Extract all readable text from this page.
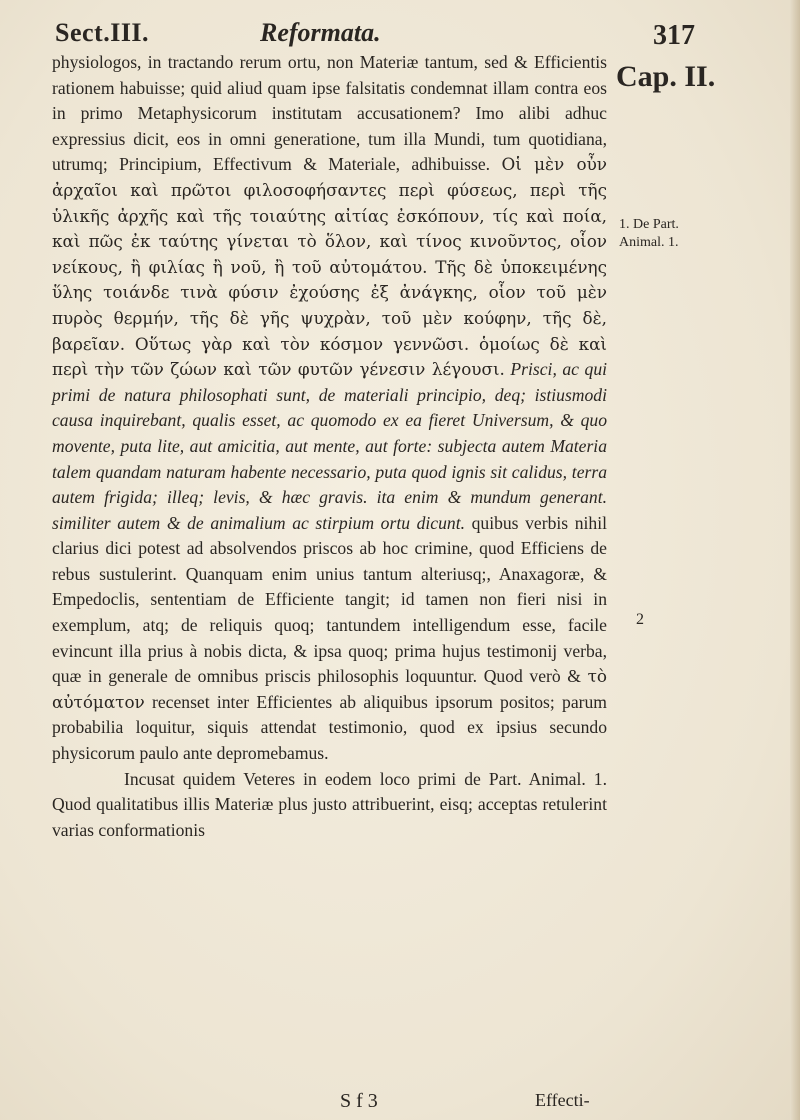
Sect.III.	Reformata.	317
Cap. II.
1. De Part. Animal. 1.
2

physiologos, in tractando rerum ortu, non Materiæ tantum, sed & Efficientis rationem habuisse; quid aliud quam ipse falsitatis condemnat illam contra eos in primo Metaphysicorum institutam accusationem? Imo alibi adhuc expressius dicit, eos in omni generatione, tum illa Mundi, tum quotidiana, utrumq; Principium, Effectivum & Materiale, adhibuisse. Οἱ μὲν οὖν ἀρχαῖοι καὶ πρῶτοι φιλοσοφήσαντες περὶ φύσεως, περὶ τῆς ὑλικῆς ἀρχῆς καὶ τῆς τοιαύτης αἰτίας ἐσκόπουν, τίς καὶ ποία, καὶ πῶς ἐκ ταύτης γίνεται τὸ ὅλον, καὶ τίνος κινοῦντος, οἷον νείκους, ἢ φιλίας ἢ νοῦ, ἢ τοῦ αὐτομάτου. Τῆς δὲ ὑποκειμένης ὕλης τοιάνδε τινὰ φύσιν ἐχούσης ἐξ ἀνάγκης, οἷον τοῦ μὲν πυρὸς θερμήν, τῆς δὲ γῆς ψυχρὰν, τοῦ μὲν κούφην, τῆς δὲ, βαρεῖαν. Οὕτως γὰρ καὶ τὸν κόσμον γεννῶσι. ὁμοίως δὲ καὶ περὶ τὴν τῶν ζώων καὶ τῶν φυτῶν γένεσιν λέγουσι. Prisci, ac qui primi de natura philosophati sunt, de materiali principio, deq; istiusmodi causa inquirebant, qualis esset, ac quomodo ex ea fieret Universum, & quo movente, puta lite, aut amicitia, aut mente, aut forte: subjecta autem Materia talem quandam naturam habente necessario, puta quod ignis sit calidus, terra autem frigida; illeq; levis, & hæc gravis. ita enim & mundum generant. similiter autem & de animalium ac stirpium ortu dicunt. quibus verbis nihil clarius dici potest ad absolvendos priscos ab hoc crimine, quod Efficiens de rebus sustulerint. Quanquam enim unius tantum alteriusq;, Anaxagoræ, & Empedoclis, sententiam de Efficiente tangit; id tamen non fieri nisi in exemplum, atq; de reliquis quoq; tantundem intelligendum esse, facile evincunt illa prius à nobis dicta, & ipsa quoq; prima hujus testimonij verba, quæ in generale de omnibus priscis philosophis loquuntur. Quod verò & τὸ αὐτόματον recenset inter Efficientes ab aliquibus ipsorum positos; parum probabilia loquitur, siquis attendat testimonio, quod ex ipsius secundo physicorum paulo ante depromebamus.

Incusat quidem Veteres in eodem loco primi de Part. Animal. 1. Quod qualitatibus illis Materiæ plus justo attribuerint, eisq; acceptas retulerint varias conformationis

S f 3	Effecti-
